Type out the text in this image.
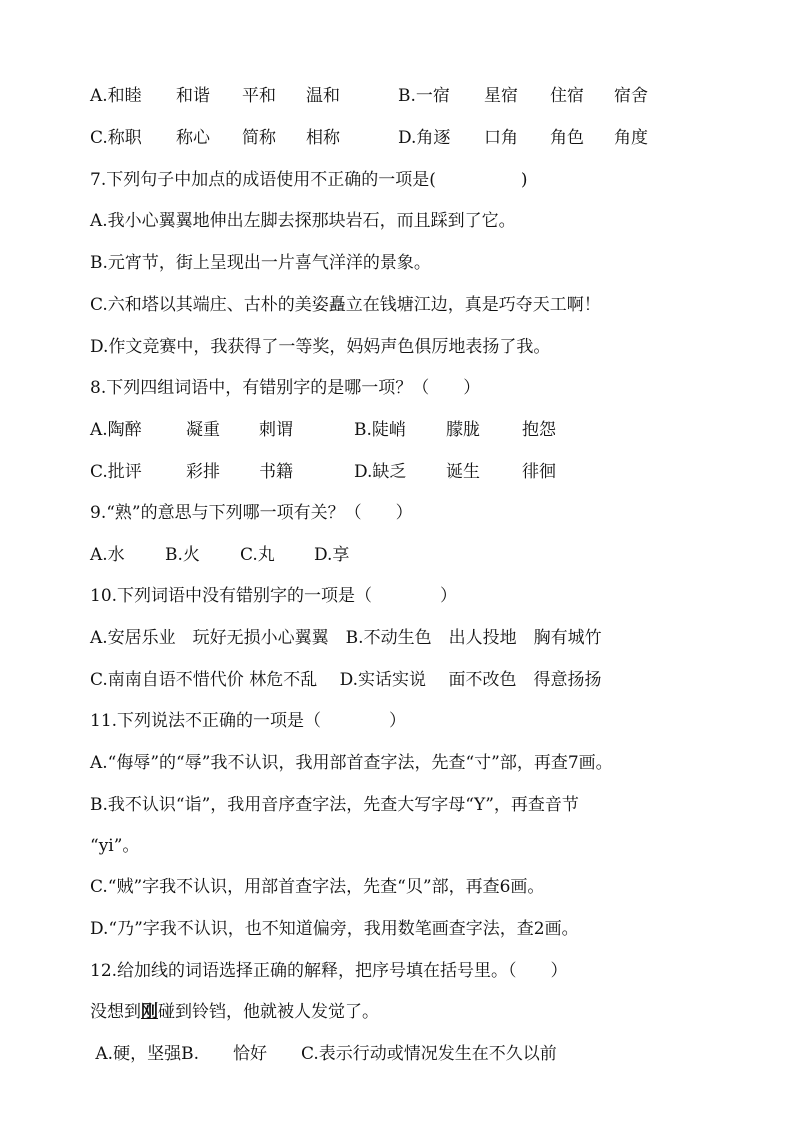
A.和睦 和谐 平和 温和	B.一宿 星宿 住宿 宿舍
C.称职 称心 简称 相称	D.角逐 口角 角色 角度
7.下列句子中加点的成语使用不正确的一项是(　　　　　)
A.我小心翼翼地伸出左脚去探那块岩石，而且踩到了它。
B.元宵节，街上呈现出一片喜气洋洋的景象。
C.六和塔以其端庄、古朴的美姿矗立在钱塘江边，真是巧夺天工啊！
D.作文竞赛中，我获得了一等奖，妈妈声色俱厉地表扬了我。
8.下列四组词语中，有错别字的是哪一项？（　　）
A.陶醉	凝重 刺谓	B.陡峭 朦胧 抱怨
C.批评	彩排 书籍	D.缺乏 诞生 徘徊
9.“熟”的意思与下列哪一项有关？（　　）
A.水 B.火 C.丸 D.享
10.下列词语中没有错别字的一项是（　　　　）
A.安居乐业　玩好无损小心翼翼　B.不动生色　出人投地　胸有城竹
C.南南自语不惜代价 林危不乱　 D.实话实说　 面不改色　得意扬扬
11.下列说法不正确的一项是（　　　　）
A.“侮辱”的“辱”我不认识，我用部首查字法，先查“寸”部，再查7画。
B.我不认识“诣”，我用音序查字法，先查大写字母“Y”，再查音节
“yi”。
C.“贼”字我不认识，用部首查字法，先查“贝”部，再查6画。
D.“乃”字我不认识，也不知道偏旁，我用数笔画查字法，查2画。
12.给加线的词语选择正确的解释，把序号填在括号里。（　　）
没想到刚碰到铃铛，他就被人发觉了。
A.硬，坚强B.　　恰好　　C.表示行动或情况发生在不久以前
